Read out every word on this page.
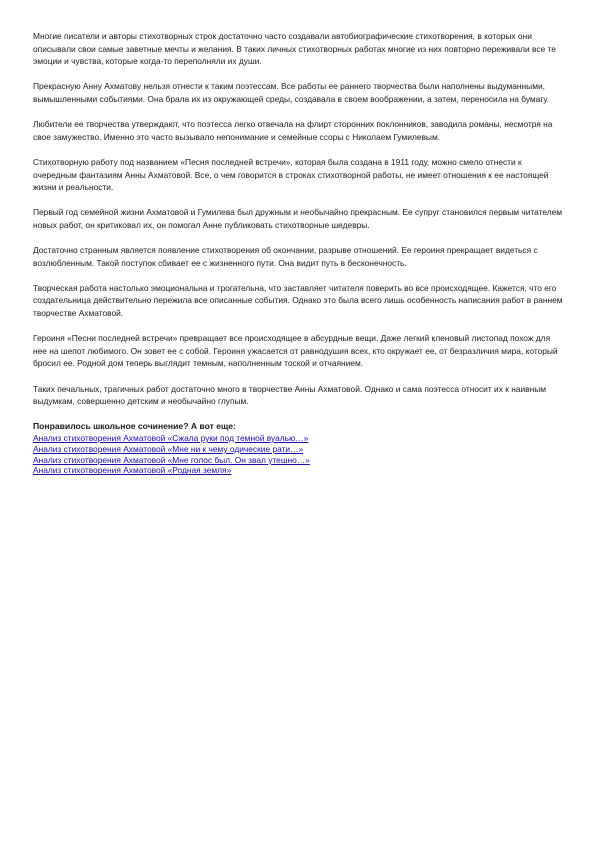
Многие писатели и авторы стихотворных строк достаточно часто создавали автобиографические стихотворения, в которых они описывали свои самые заветные мечты и желания. В таких личных стихотворных работах многие из них повторно переживали все те эмоции и чувства, которые когда-то переполняли их души.

Прекрасную Анну Ахматову нельзя отнести к таким поэтессам. Все работы ее раннего творчества были наполнены выдуманными, вымышленными событиями. Она брала их из окружающей среды, создавала в своем воображении, а затем, переносила на бумагу.

Любители ее творчества утверждают, что поэтесса легко отвечала на флирт сторонних поклонников, заводила романы, несмотря на свое замужество. Именно это часто вызывало непонимание и семейные ссоры с Николаем Гумилевым.

Стихотворную работу под названием «Песня последней встречи», которая была создана в 1911 году, можно смело отнести к очередным фантазиям Анны Ахматовой. Все, о чем говорится в строках стихотворной работы, не имеет отношения к ее настоящей жизни и реальности.

Первый год семейной жизни Ахматовой и Гумилева был дружным и необычайно прекрасным. Ее супруг становился первым читателем новых работ, он критиковал их, он помогал Анне публиковать стихотворные шедевры.

Достаточно странным является появление стихотворения об окончании, разрыве отношений. Ее героиня прекращает видеться с возлюбленным. Такой поступок сбивает ее с жизненного пути. Она видит путь в бесконечность.

Творческая работа настолько эмоциональна и трогательна, что заставляет читателя поверить во все происходящее. Кажется, что его создательница действительно пережила все описанные события. Однако это была всего лишь особенность написания работ в раннем творчестве Ахматовой.

Героиня «Песни последней встречи» превращает все происходящее в абсурдные вещи. Даже легкий кленовый листопад похож для нее на шепот любимого. Он зовет ее с собой. Героиня ужасается от равнодушия всех, кто окружает ее, от безразличия мира, который бросил ее. Родной дом теперь выглядит темным, наполненным тоской и отчаянием.

Таких печальных, трагичных работ достаточно много в творчестве Анны Ахматовой. Однако и сама поэтесса относит их к наивным выдумкам, совершенно детским и необычайно глупым.

Понравилось школьное сочинение? А вот еще:

Анализ стихотворения Ахматовой «Сжала руки под темной вуалью…»
Анализ стихотворения Ахматовой «Мне ни к чему одические рати…»
Анализ стихотворения Ахматовой «Мне голос был. Он звал утешно…»
Анализ стихотворения Ахматовой «Родная земля»
